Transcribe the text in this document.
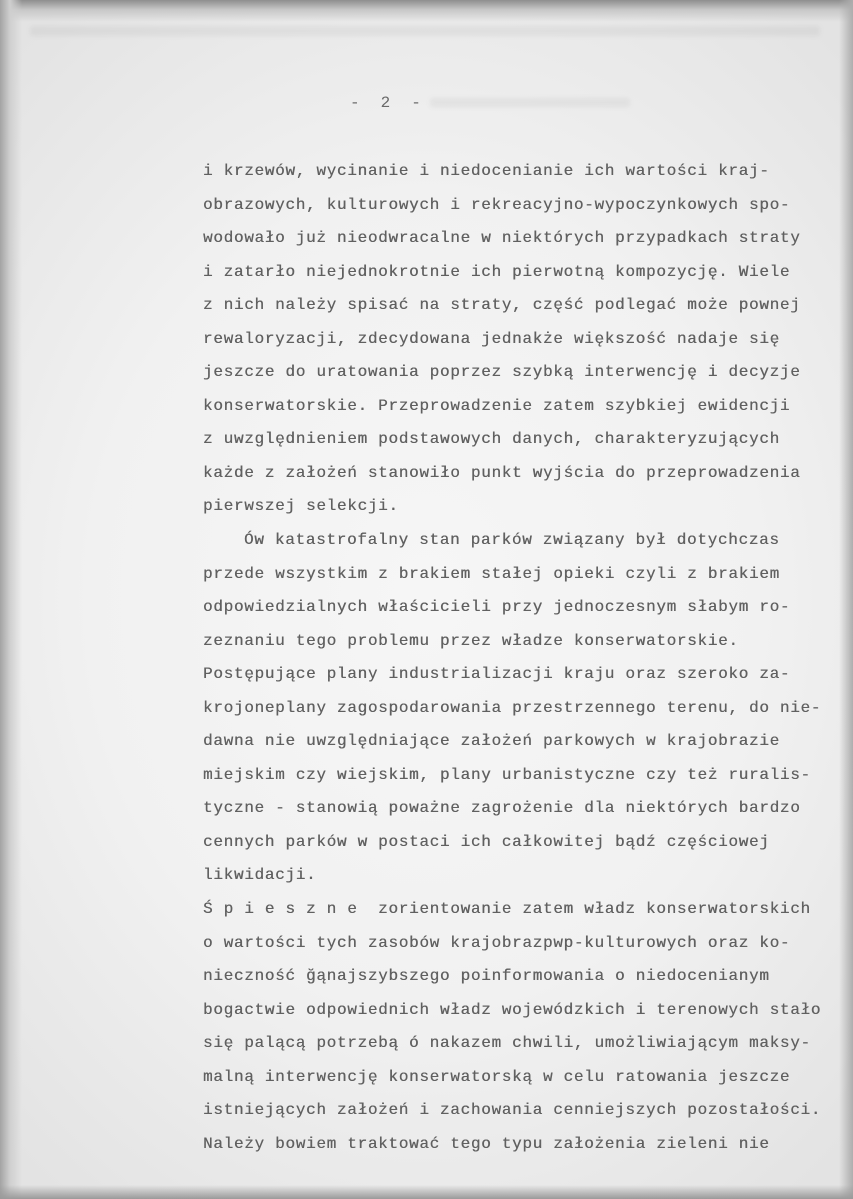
- 2 -
i krzewów, wycinanie i niedocenianie ich wartości kraj-
obrazowych, kulturowych i rekreacyjno-wypoczynkowych spo-
wodowało już nieodwracalne w niektórych przypadkach straty
i zatarło niejednokrotnie ich pierwotną kompozycję. Wiele
z nich należy spisać na straty, część podlegać może pownej
rewaloryzacji, zdecydowana jednakże większość nadaje się
jeszcze do uratowania poprzez szybką interwencję i decyzje
konserwatorskie. Przeprowadzenie zatem szybkiej ewidencji
z uwzględnieniem podstawowych danych, charakteryzujących
każde z założeń stanowiło punkt wyjścia do przeprowadzenia
pierwszej selekcji.
Ów katastrofalny stan parków związany był dotychczas
przede wszystkim z brakiem stałej opieki czyli z brakiem
odpowiedzialnych właścicieli przy jednoczesnym słabym ro-
zeznaniu tego problemu przez władze konserwatorskie.
Postępujące plany industrializacji kraju oraz szeroko za-
krojoneplany zagospodarowania przestrzennego terenu, do nie-
dawna nie uwzględniające założeń parkowych w krajobrazie
miejskim czy wiejskim, plany urbanistyczne czy też ruralis-
tyczne - stanowią poważne zagrożenie dla niektórych bardzo
cennych parków w postaci ich całkowitej bądź częściowej
likwidacji.
Ś p i e s z n e  zorientowanie zatem władz konserwatorskich
o wartości tych zasobów krajobrazpwp-kulturowych oraz ko-
nieczność ğąnajszybszego poinformowania o niedocenianym
bogactwie odpowiednich władz wojewódzkich i terenowych stało
się palącą potrzebą ó nakazem chwili, umożliwiającym maksy-
malną interwencję konserwatorską w celu ratowania jeszcze
istniejących założeń i zachowania cenniejszych pozostałości.
Należy bowiem traktować tego typu założenia zieleni nie
